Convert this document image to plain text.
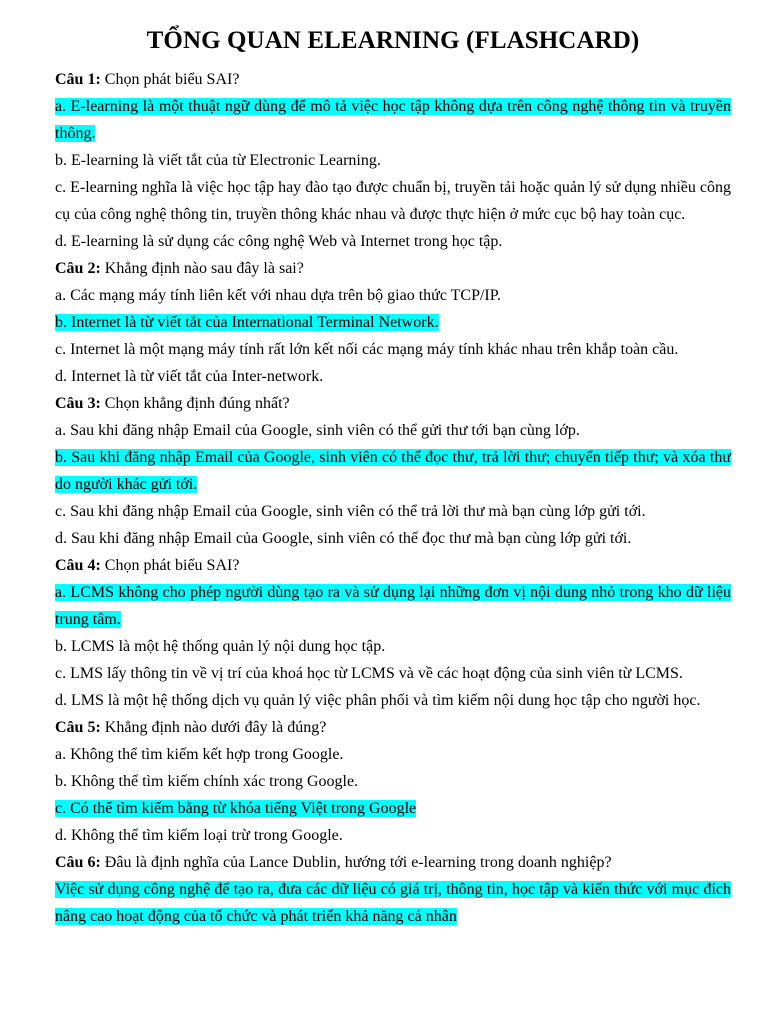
TỔNG QUAN ELEARNING (FLASHCARD)

Câu 1: Chọn phát biểu SAI?

a. E-learning là một thuật ngữ dùng để mô tả việc học tập không dựa trên công nghệ thông tin và truyền thông.

b. E-learning là viết tắt của từ Electronic Learning.

c. E-learning nghĩa là việc học tập hay đào tạo được chuẩn bị, truyền tải hoặc quản lý sử dụng nhiều công cụ của công nghệ thông tin, truyền thông khác nhau và được thực hiện ở mức cục bộ hay toàn cục.

d. E-learning là sử dụng các công nghệ Web và Internet trong học tập.

Câu 2: Khẳng định nào sau đây là sai?

a. Các mạng máy tính liên kết với nhau dựa trên bộ giao thức TCP/IP.

b. Internet là từ viết tắt của International Terminal Network.

c. Internet là một mạng máy tính rất lớn kết nối các mạng máy tính khác nhau trên khắp toàn cầu.

d. Internet là từ viết tắt của Inter-network.

Câu 3: Chọn khẳng định đúng nhất?

a. Sau khi đăng nhập Email của Google, sinh viên có thể gửi thư tới bạn cùng lớp.

b. Sau khi đăng nhập Email của Google, sinh viên có thể đọc thư, trả lời thư; chuyển tiếp thư; và xóa thư do người khác gửi tới.

c. Sau khi đăng nhập Email của Google, sinh viên có thể trả lời thư mà bạn cùng lớp gửi tới.

d. Sau khi đăng nhập Email của Google, sinh viên có thể đọc thư mà bạn cùng lớp gửi tới.

Câu 4: Chọn phát biểu SAI?

a. LCMS không cho phép người dùng tạo ra và sử dụng lại những đơn vị nội dung nhỏ trong kho dữ liệu trung tâm.

b. LCMS là một hệ thống quản lý nội dung học tập.

c. LMS lấy thông tin về vị trí của khoá học từ LCMS và về các hoạt động của sinh viên từ LCMS.

d. LMS là một hệ thống dịch vụ quản lý việc phân phối và tìm kiếm nội dung học tập cho người học.

Câu 5: Khẳng định nào dưới đây là đúng?

a. Không thể tìm kiếm kết hợp trong Google.

b. Không thể tìm kiếm chính xác trong Google.

c. Có thể tìm kiếm bằng từ khóa tiếng Việt trong Google

d. Không thể tìm kiếm loại trừ trong Google.

Câu 6: Đâu là định nghĩa của Lance Dublin, hướng tới e-learning trong doanh nghiệp?

Việc sử dụng công nghệ để tạo ra, đưa các dữ liệu có giá trị, thông tin, học tập và kiến thức với mục đích nâng cao hoạt động của tổ chức và phát triển khả năng cá nhân
